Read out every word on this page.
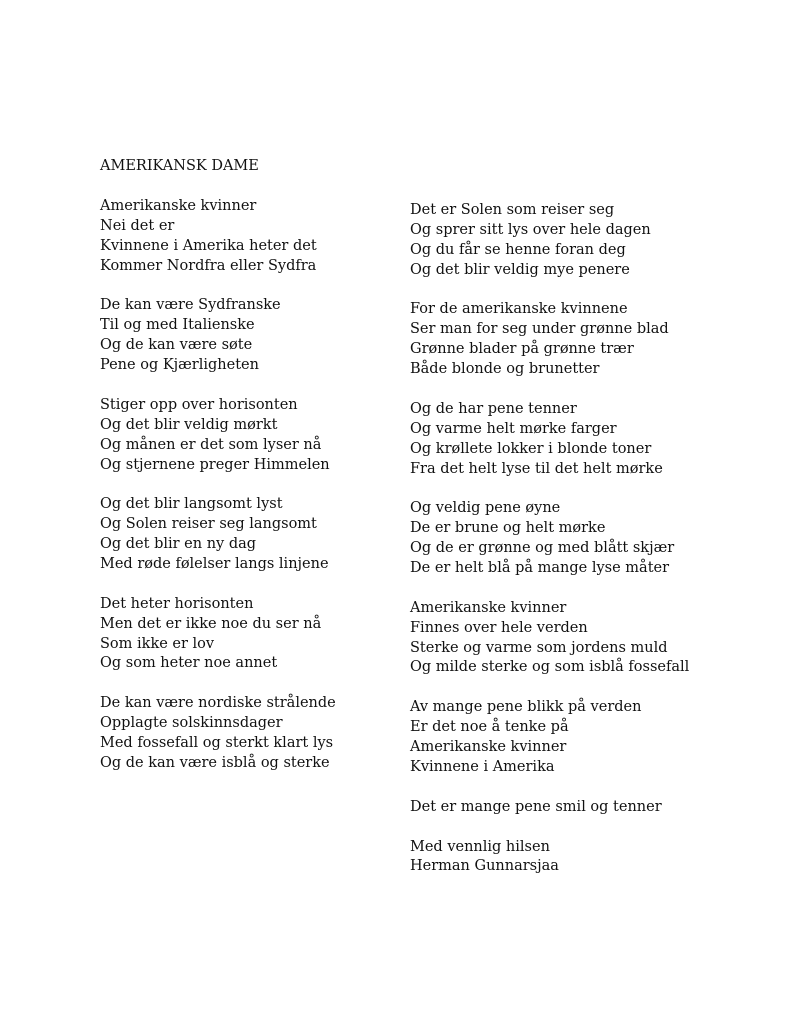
AMERIKANSK DAME
Amerikanske kvinner
Nei det er
Kvinnene i Amerika heter det
Kommer Nordfra eller Sydfra
De kan være Sydfranske
Til og med Italienske
Og de kan være søte
Pene og Kjærligheten
Stiger opp over horisonten
Og det blir veldig mørkt
Og månen er det som lyser nå
Og stjernene preger Himmelen
Og det blir langsomt lyst
Og Solen reiser seg langsomt
Og det blir en ny dag
Med røde følelser langs linjene
Det heter horisonten
Men det er ikke noe du ser nå
Som ikke er lov
Og som heter noe annet
De kan være nordiske strålende
Opplagte solskinnsdager
Med fossefall og sterkt klart lys
Og de kan være isblå og sterke
Det er Solen som reiser seg
Og sprer sitt lys over hele dagen
Og du får se henne foran deg
Og det blir veldig mye penere
For de amerikanske kvinnene
Ser man for seg under grønne blad
Grønne blader på grønne trær
Både blonde og brunetter
Og de har pene tenner
Og varme helt mørke farger
Og krøllete lokker i blonde toner
Fra det helt lyse til det helt mørke
Og veldig pene øyne
De er brune og helt mørke
Og de er grønne og med blått skjær
De er helt blå på mange lyse måter
Amerikanske kvinner
Finnes over hele verden
Sterke og varme som jordens muld
Og milde sterke og som isblå fossefall
Av mange pene blikk på verden
Er det noe å tenke på
Amerikanske kvinner
Kvinnene i Amerika
Det er mange pene smil og tenner
Med vennlig hilsen
Herman Gunnarsjaa
